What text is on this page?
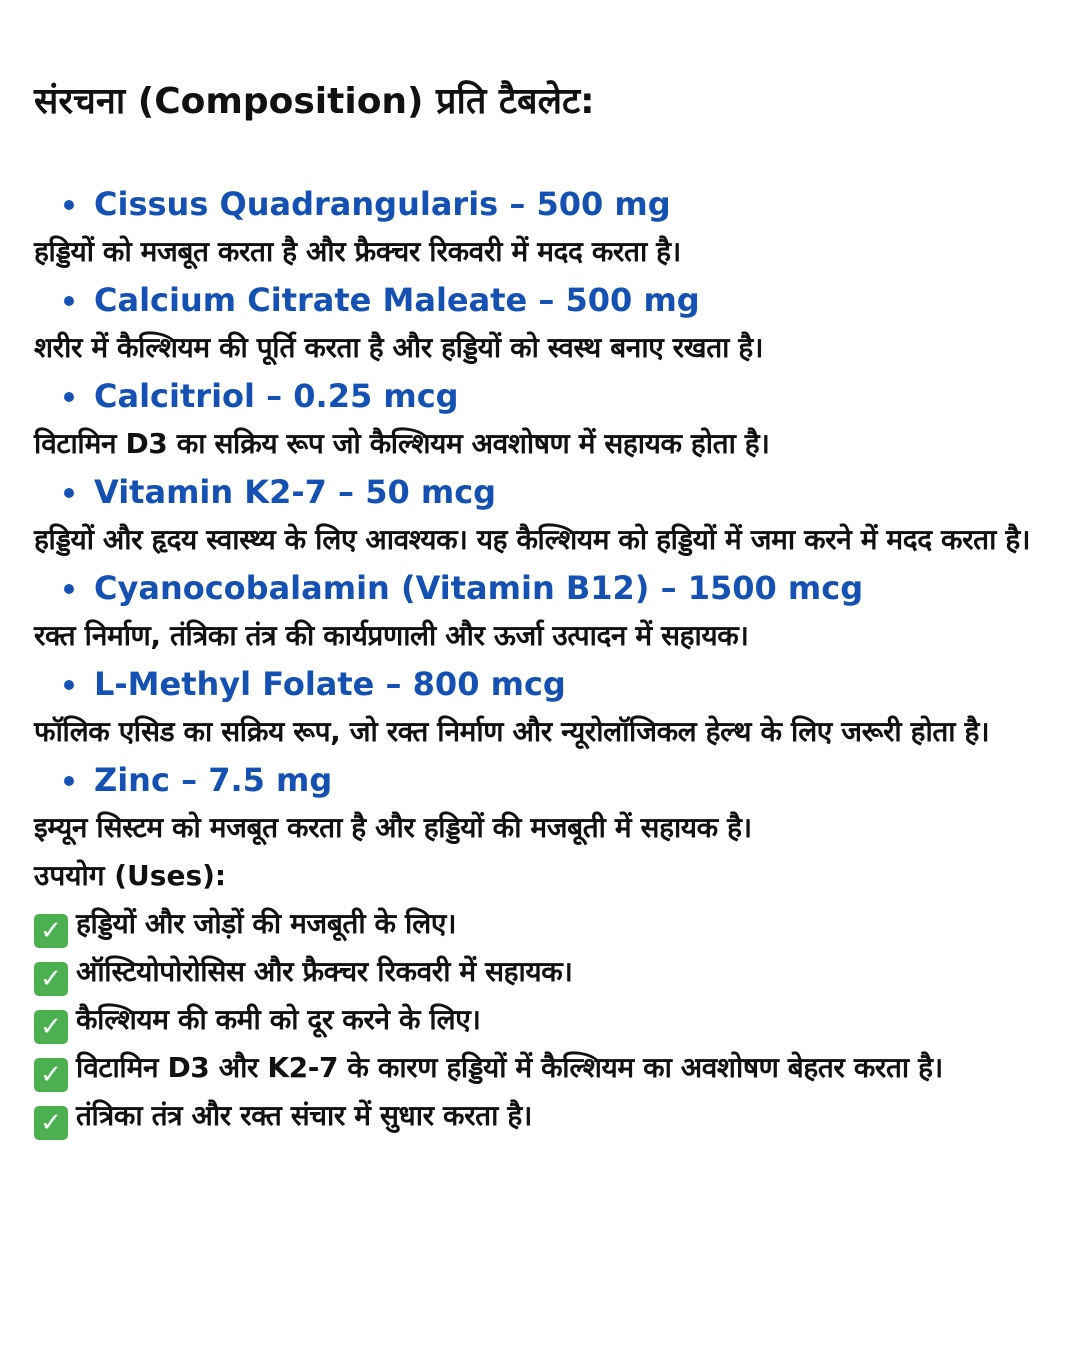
संरचना (Composition) प्रति टैबलेट:
Cissus Quadrangularis – 500 mg
हड्डियों को मजबूत करता है और फ्रैक्चर रिकवरी में मदद करता है।
Calcium Citrate Maleate – 500 mg
शरीर में कैल्शियम की पूर्ति करता है और हड्डियों को स्वस्थ बनाए रखता है।
Calcitriol – 0.25 mcg
विटामिन D3 का सक्रिय रूप जो कैल्शियम अवशोषण में सहायक होता है।
Vitamin K2-7 – 50 mcg
हड्डियों और हृदय स्वास्थ्य के लिए आवश्यक। यह कैल्शियम को हड्डियों में जमा करने में मदद करता है।
Cyanocobalamin (Vitamin B12) – 1500 mcg
रक्त निर्माण, तंत्रिका तंत्र की कार्यप्रणाली और ऊर्जा उत्पादन में सहायक।
L-Methyl Folate – 800 mcg
फॉलिक एसिड का सक्रिय रूप, जो रक्त निर्माण और न्यूरोलॉजिकल हेल्थ के लिए जरूरी होता है।
Zinc – 7.5 mg
इम्यून सिस्टम को मजबूत करता है और हड्डियों की मजबूती में सहायक है।
उपयोग (Uses):
✓ हड्डियों और जोड़ों की मजबूती के लिए।
✓ ऑस्टियोपोरोसिस और फ्रैक्चर रिकवरी में सहायक।
✓ कैल्शियम की कमी को दूर करने के लिए।
✓ विटामिन D3 और K2-7 के कारण हड्डियों में कैल्शियम का अवशोषण बेहतर करता है।
✓ तंत्रिका तंत्र और रक्त संचार में सुधार करता है।
